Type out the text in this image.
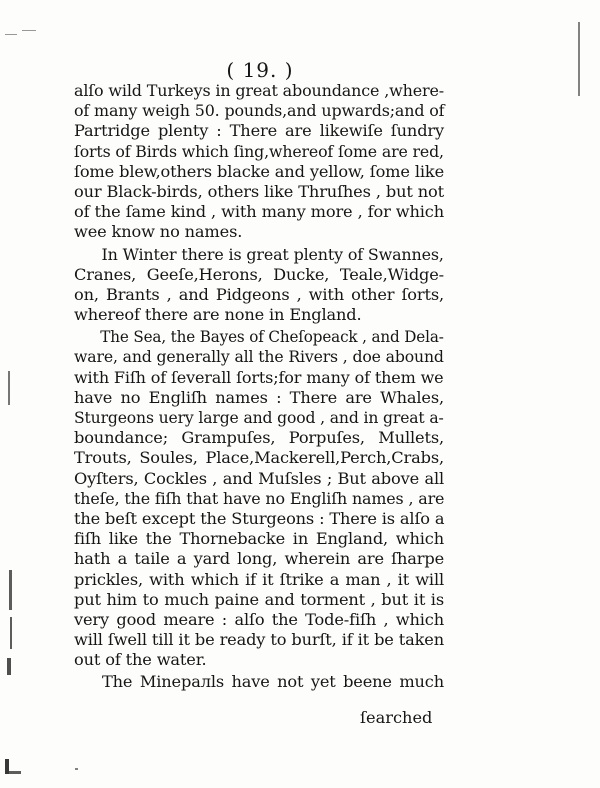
( 19. )
alſo wild Turkeys in great aboundance ,where-
of many weigh 50. pounds,and upwards;and of
Partridge plenty : There are likewiſe ſundry
ſorts of Birds which ſing,whereof ſome are red,
ſome blew,others blacke and yellow, ſome like
our Black-birds, others like Thruſhes , but not
of the ſame kind , with many more , for which
wee know no names.
In Winter there is great plenty of Swannes,
Cranes, Geeſe,Herons, Ducke, Teale,Widge-
on, Brants , and Pidgeons , with other ſorts,
whereof there are none in England.
The Sea, the Bayes of Cheſopeack , and Dela-
ware, and generally all the Rivers , doe abound
with Fiſh of ſeverall ſorts;for many of them we
have no Engliſh names : There are Whales,
Sturgeons uery large and good , and in great a-
boundance; Grampuſes, Porpuſes, Mullets,
Trouts, Soules, Place,Mackerell,Perch,Crabs,
Oyſters, Cockles , and Muſsles ; But above all
theſe, the fiſh that have no Engliſh names , are
the beſt except the Sturgeons : There is alſo a
fiſh like the Thornebacke in England, which
hath a taile a yard long, wherein are ſharpe
prickles, with which if it ſtrike a man , it will
put him to much paine and torment , but it is
very good meare : alſo the Tode-fiſh , which
will ſwell till it be ready to burſt, if it be taken
out of the water.
The Minералls have not yet beene much
ſearched
